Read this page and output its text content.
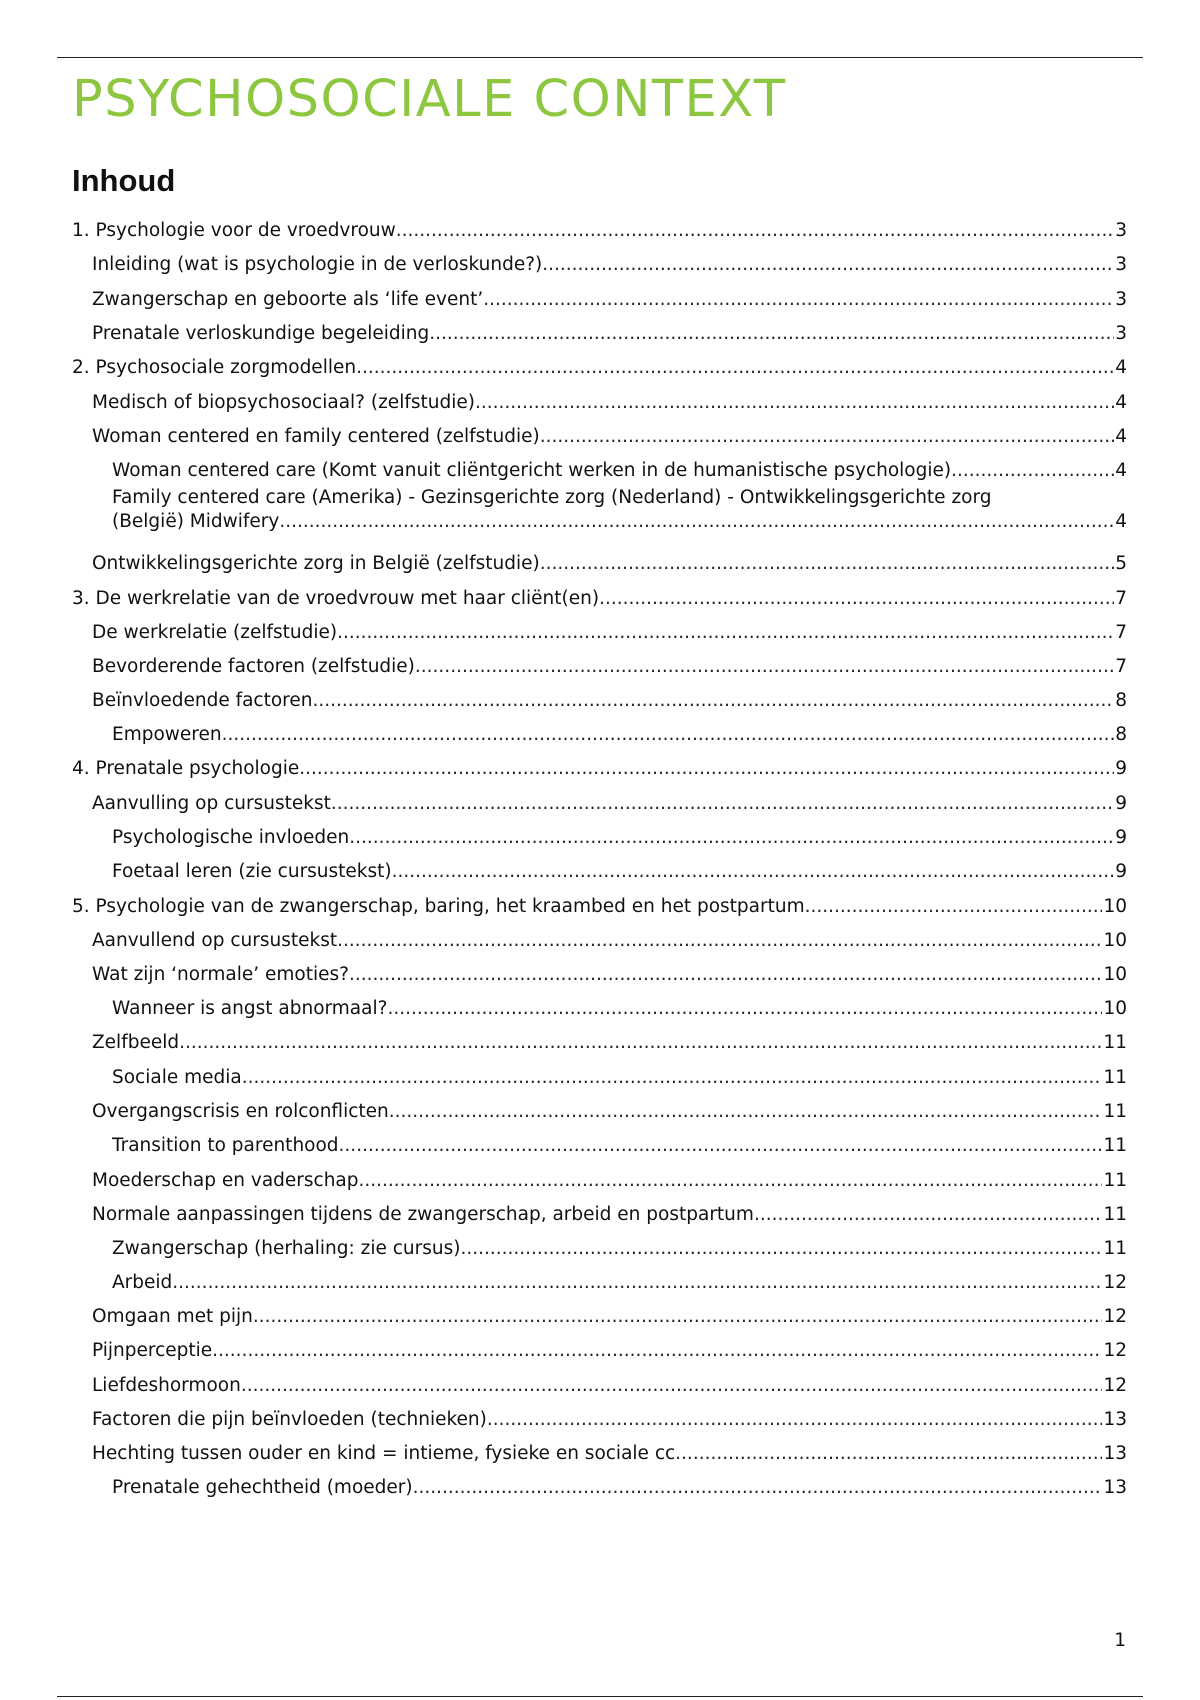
PSYCHOSOCIALE CONTEXT
Inhoud
1. Psychologie voor de vroedvrouw .....	3
Inleiding (wat is psychologie in de verloskunde?) .....	3
Zwangerschap en geboorte als ‘life event’ .....	3
Prenatale verloskundige begeleiding .....	3
2. Psychosociale zorgmodellen .....	4
Medisch of biopsychosociaal? (zelfstudie) .....	4
Woman centered en family centered (zelfstudie) .....	4
Woman centered care (Komt vanuit cliëntgericht werken in de humanistische psychologie) .....	4
Family centered care (Amerika) - Gezinsgerichte zorg (Nederland) - Ontwikkelingsgerichte zorg
(België) Midwifery .....	4
Ontwikkelingsgerichte zorg in België (zelfstudie) .....	5
3. De werkrelatie van de vroedvrouw met haar cliënt(en) .....	7
De werkrelatie (zelfstudie) .....	7
Bevorderende factoren (zelfstudie) .....	7
Beïnvloedende factoren .....	8
Empoweren .....	8
4. Prenatale psychologie .....	9
Aanvulling op cursustekst .....	9
Psychologische invloeden .....	9
Foetaal leren (zie cursustekst) .....	9
5. Psychologie van de zwangerschap, baring, het kraambed en het postpartum .....	10
Aanvullend op cursustekst .....	10
Wat zijn ‘normale’ emoties? .....	10
Wanneer is angst abnormaal? .....	10
Zelfbeeld .....	11
Sociale media .....	11
Overgangscrisis en rolconflicten .....	11
Transition to parenthood .....	11
Moederschap en vaderschap .....	11
Normale aanpassingen tijdens de zwangerschap, arbeid en postpartum .....	11
Zwangerschap (herhaling: zie cursus) .....	11
Arbeid .....	12
Omgaan met pijn .....	12
Pijnperceptie .....	12
Liefdeshormoon .....	12
Factoren die pijn beïnvloeden (technieken) .....	13
Hechting tussen ouder en kind = intieme, fysieke en sociale cc .....	13
Prenatale gehechtheid (moeder) .....	13
1
